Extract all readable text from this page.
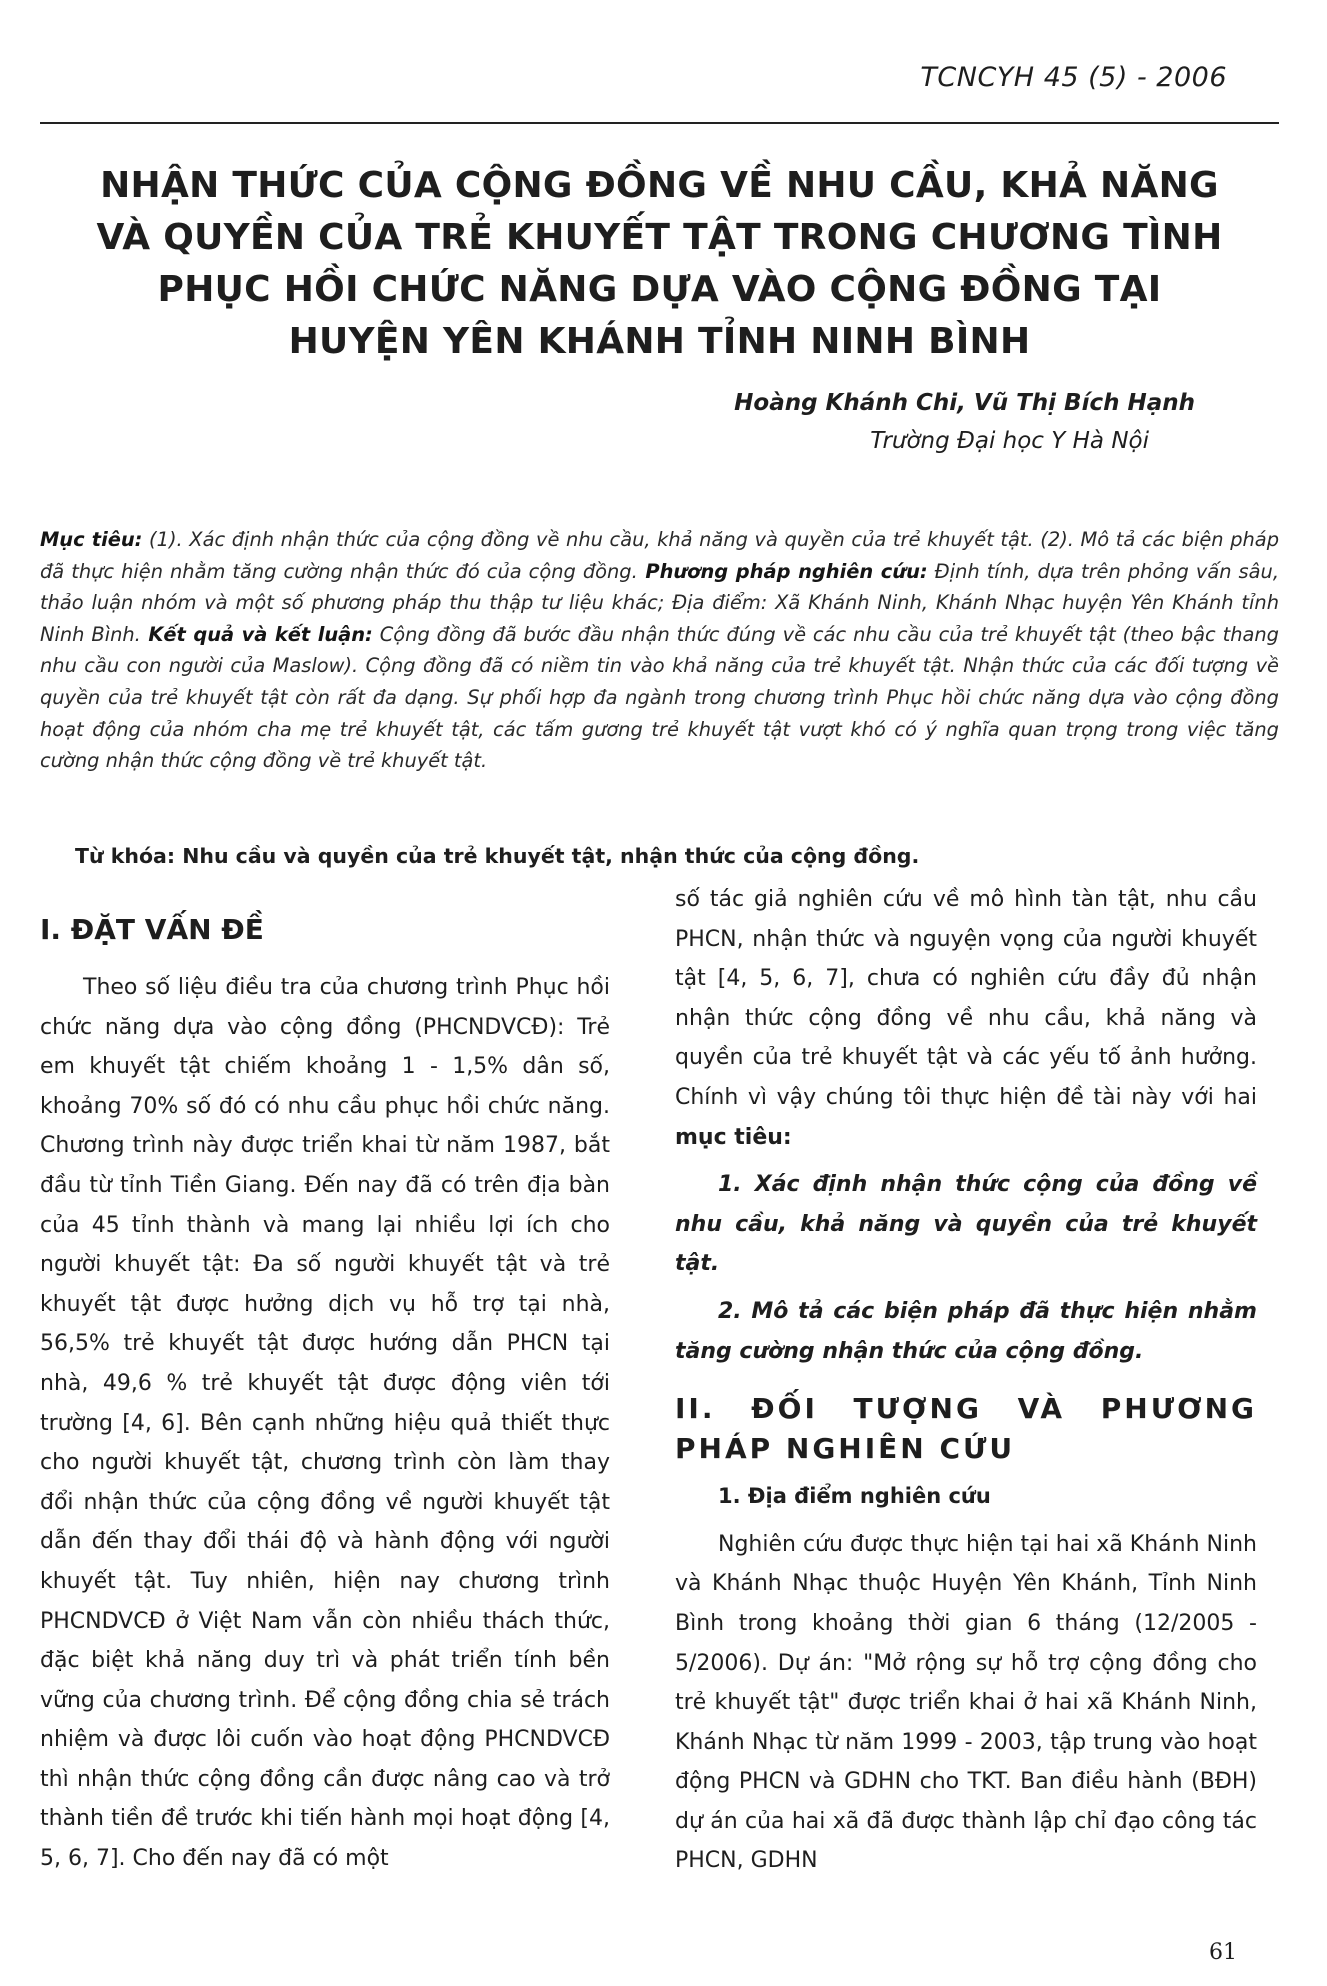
TCNCYH 45 (5) - 2006
NHẬN THỨC CỦA CỘNG ĐỒNG VỀ NHU CẦU, KHẢ NĂNG
VÀ QUYỀN CỦA TRẺ KHUYẾT TẬT TRONG CHƯƠNG TÌNH
PHỤC HỒI CHỨC NĂNG DỰA VÀO CỘNG ĐỒNG TẠI
HUYỆN YÊN KHÁNH TỈNH NINH BÌNH
Hoàng Khánh Chi, Vũ Thị Bích Hạnh
Trường Đại học Y Hà Nội

Mục tiêu: (1). Xác định nhận thức của cộng đồng về nhu cầu, khả năng và quyền của trẻ khuyết tật. (2). Mô tả các biện pháp đã thực hiện nhằm tăng cường nhận thức đó của cộng đồng. Phương pháp nghiên cứu: Định tính, dựa trên phỏng vấn sâu, thảo luận nhóm và một số phương pháp thu thập tư liệu khác; Địa điểm: Xã Khánh Ninh, Khánh Nhạc huyện Yên Khánh tỉnh Ninh Bình. Kết quả và kết luận: Cộng đồng đã bước đầu nhận thức đúng về các nhu cầu của trẻ khuyết tật (theo bậc thang nhu cầu con người của Maslow). Cộng đồng đã có niềm tin vào khả năng của trẻ khuyết tật. Nhận thức của các đối tượng về quyền của trẻ khuyết tật còn rất đa dạng. Sự phối hợp đa ngành trong chương trình Phục hồi chức năng dựa vào cộng đồng hoạt động của nhóm cha mẹ trẻ khuyết tật, các tấm gương trẻ khuyết tật vượt khó có ý nghĩa quan trọng trong việc tăng cường nhận thức cộng đồng về trẻ khuyết tật.

Từ khóa: Nhu cầu và quyền của trẻ khuyết tật, nhận thức của cộng đồng.
I. ĐẶT VẤN ĐỀ

Theo số liệu điều tra của chương trình Phục hồi chức năng dựa vào cộng đồng (PHCNDVCĐ): Trẻ em khuyết tật chiếm khoảng 1 - 1,5% dân số, khoảng 70% số đó có nhu cầu phục hồi chức năng. Chương trình này được triển khai từ năm 1987, bắt đầu từ tỉnh Tiền Giang. Đến nay đã có trên địa bàn của 45 tỉnh thành và mang lại nhiều lợi ích cho người khuyết tật: Đa số người khuyết tật và trẻ khuyết tật được hưởng dịch vụ hỗ trợ tại nhà, 56,5% trẻ khuyết tật được hướng dẫn PHCN tại nhà, 49,6 % trẻ khuyết tật được động viên tới trường [4, 6]. Bên cạnh những hiệu quả thiết thực cho người khuyết tật, chương trình còn làm thay đổi nhận thức của cộng đồng về người khuyết tật dẫn đến thay đổi thái độ và hành động với người khuyết tật. Tuy nhiên, hiện nay chương trình PHCNDVCĐ ở Việt Nam vẫn còn nhiều thách thức, đặc biệt khả năng duy trì và phát triển tính bền vững của chương trình. Để cộng đồng chia sẻ trách nhiệm và được lôi cuốn vào hoạt động PHCNDVCĐ thì nhận thức cộng đồng cần được nâng cao và trở thành tiền đề trước khi tiến hành mọi hoạt động [4, 5, 6, 7]. Cho đến nay đã có một

số tác giả nghiên cứu về mô hình tàn tật, nhu cầu PHCN, nhận thức và nguyện vọng của người khuyết tật [4, 5, 6, 7], chưa có nghiên cứu đầy đủ nhận nhận thức cộng đồng về nhu cầu, khả năng và quyền của trẻ khuyết tật và các yếu tố ảnh hưởng. Chính vì vậy chúng tôi thực hiện đề tài này với hai mục tiêu:

1. Xác định nhận thức cộng của đồng về nhu cầu, khả năng và quyền của trẻ khuyết tật.

2. Mô tả các biện pháp đã thực hiện nhằm tăng cường nhận thức của cộng đồng.

II. ĐỐI TƯỢNG VÀ PHƯƠNG PHÁP NGHIÊN CỨU

1. Địa điểm nghiên cứu

Nghiên cứu được thực hiện tại hai xã Khánh Ninh và Khánh Nhạc thuộc Huyện Yên Khánh, Tỉnh Ninh Bình trong khoảng thời gian 6 tháng (12/2005 - 5/2006). Dự án: "Mở rộng sự hỗ trợ cộng đồng cho trẻ khuyết tật" được triển khai ở hai xã Khánh Ninh, Khánh Nhạc từ năm 1999 - 2003, tập trung vào hoạt động PHCN và GDHN cho TKT. Ban điều hành (BĐH) dự án của hai xã đã được thành lập chỉ đạo công tác PHCN, GDHN

61
